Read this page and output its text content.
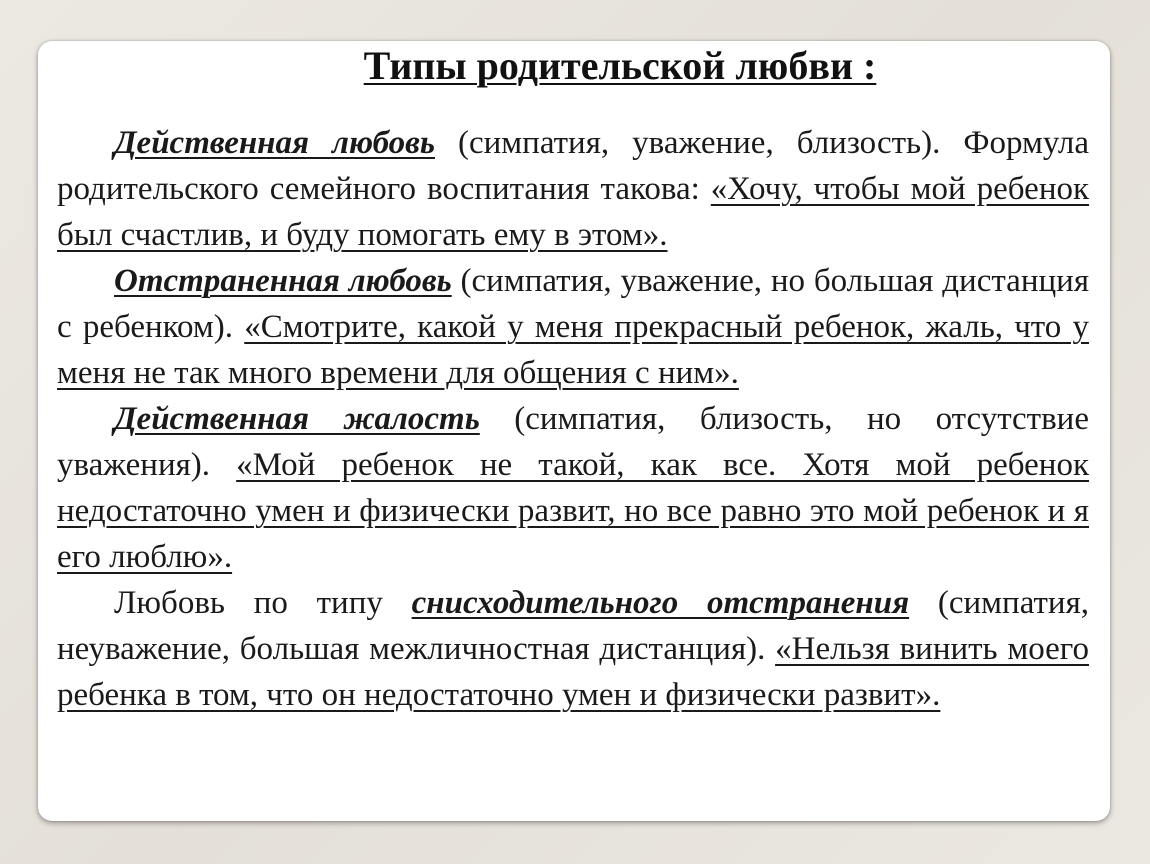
Типы родительской любви :

Действенная любовь (симпатия, уважение, близость). Формула родительского семейного воспитания такова: «Хочу, чтобы мой ребенок был счастлив, и буду помогать ему в этом».

Отстраненная любовь (симпатия, уважение, но большая дистанция с ребенком). «Смотрите, какой у меня прекрасный ребенок, жаль, что у меня не так много времени для общения с ним».

Действенная жалость (симпатия, близость, но отсутствие уважения). «Мой ребенок не такой, как все. Хотя мой ребенок недостаточно умен и физически развит, но все равно это мой ребенок и я его люблю».

Любовь по типу снисходительного отстранения (симпатия, неуважение, большая межличностная дистанция). «Нельзя винить моего ребенка в том, что он недостаточно умен и физически развит».
